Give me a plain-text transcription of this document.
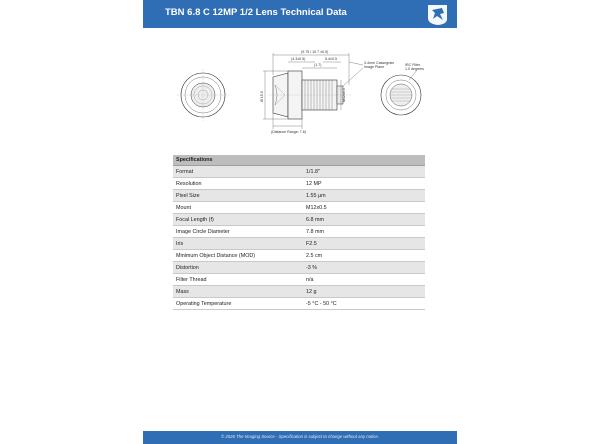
TBN 6.8 C 12MP 1/2 Lens Technical Data
(9.75 / 10.7 ±0.5)
(4.3±0.5)	5.4±0.5
(1.7)
Ø 15.5	M12x0.5
(Distance Range: 7.6)
3.4mm Cassegrain Image Plane
IRC Filter 1.0 degrees
Specifications	
Format	1/1.8"
Resolution	12 MP
Pixel Size	1.55 µm
Mount	M12x0.5
Focal Length (f)	6.8 mm
Image Circle Diameter	7.8 mm
Iris	F2.5
Minimum Object Distance (MOD)	2.5 cm
Distortion	-3 %
Filter Thread	n/a
Mass	12 g
Operating Temperature	-5 °C - 50 °C
© 2026 The Imaging Source · Specification is subject to change without any notice.
